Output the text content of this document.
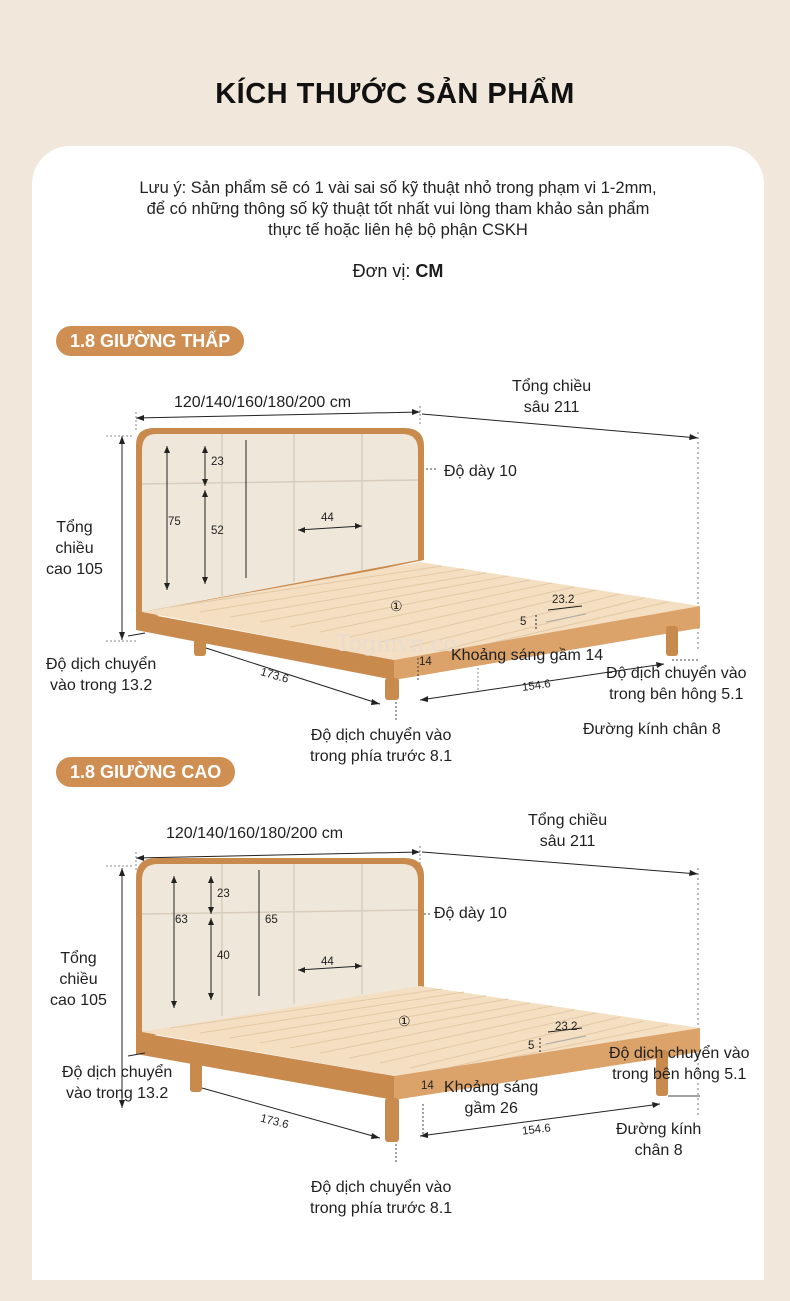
KÍCH THƯỚC SẢN PHẨM
Lưu ý: Sản phẩm sẽ có 1 vài sai số kỹ thuật nhỏ trong phạm vi 1-2mm,
để có những thông số kỹ thuật tốt nhất vui lòng tham khảo sản phẩm
thực tế hoặc liên hệ bộ phận CSKH
Đơn vị: CM
1.8 GIƯỜNG THẤP
120/140/160/180/200 cm
Tổng chiều
sâu 211
Tổng
chiều
cao 105
Độ dày 10
23
75
52
44
①	23.2
5
Toginvn.co
Khoảng sáng gầm 14
14
173.6
154.6
Độ dịch chuyển
vào trong 13.2
Độ dịch chuyển vào
trong bên hông 5.1
Độ dịch chuyển vào
trong phía trước 8.1
Đường kính chân 8
1.8 GIƯỜNG CAO
120/140/160/180/200 cm
Tổng chiều
sâu 211
Tổng
chiều
cao 105
Độ dày 10
23
63
40
65
44
①	23.2
5
14 Khoảng sáng
gầm 26
173.6	154.6
Độ dịch chuyển
vào trong 13.2
Độ dịch chuyển vào
trong bên hông 5.1
Đường kính
chân 8
Độ dịch chuyển vào
trong phía trước 8.1
